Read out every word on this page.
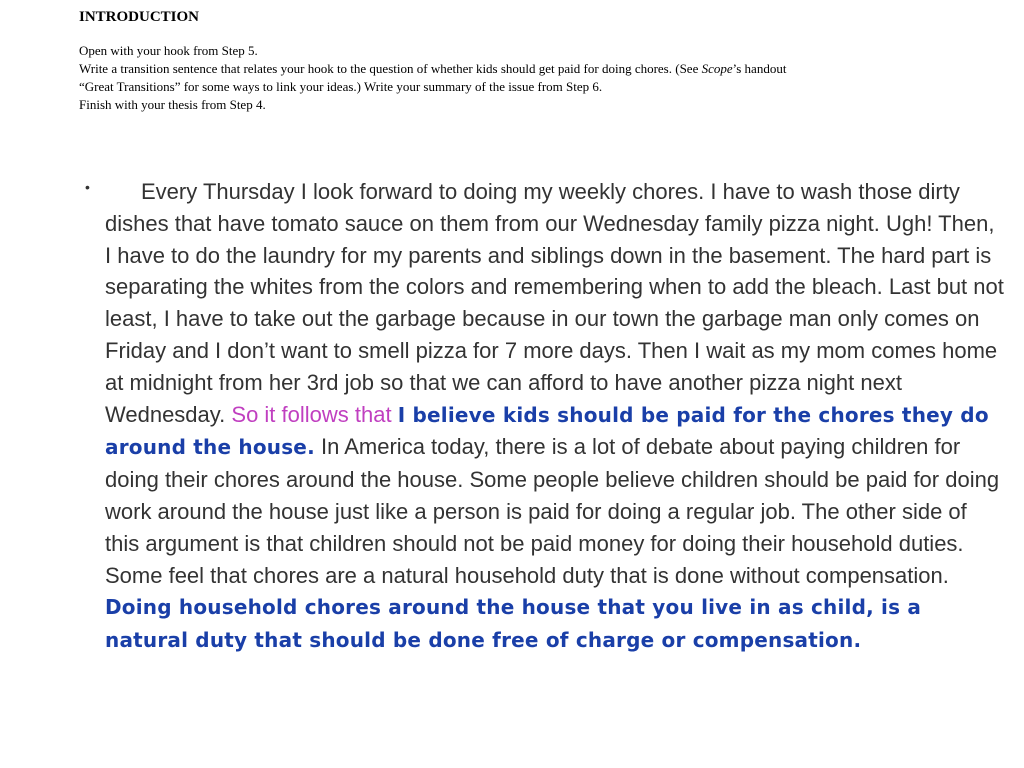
INTRODUCTION
Open with your hook from Step 5.
Write a transition sentence that relates your hook to the question of whether kids should get paid for doing chores. (See Scope’s handout
“Great Transitions” for some ways to link your ideas.) Write your summary of the issue from Step 6.
Finish with your thesis from Step 4.
•	Every Thursday I look forward to doing my weekly chores. I have to wash those dirty dishes that have tomato sauce on them from our Wednesday family pizza night. Ugh! Then, I have to do the laundry for my parents and siblings down in the basement. The hard part is separating the whites from the colors and remembering when to add the bleach. Last but not least, I have to take out the garbage because in our town the garbage man only comes on Friday and I don’t want to smell pizza for 7 more days. Then I wait as my mom comes home at midnight from her 3rd job so that we can afford to have another pizza night next Wednesday. So it follows that I believe kids should be paid for the chores they do around the house. In America today, there is a lot of debate about paying children for doing their chores around the house. Some people believe children should be paid for doing work around the house just like a person is paid for doing a regular job. The other side of this argument is that children should not be paid money for doing their household duties. Some feel that chores are a natural household duty that is done without compensation. Doing household chores around the house that you live in as child, is a natural duty that should be done free of charge or compensation.
